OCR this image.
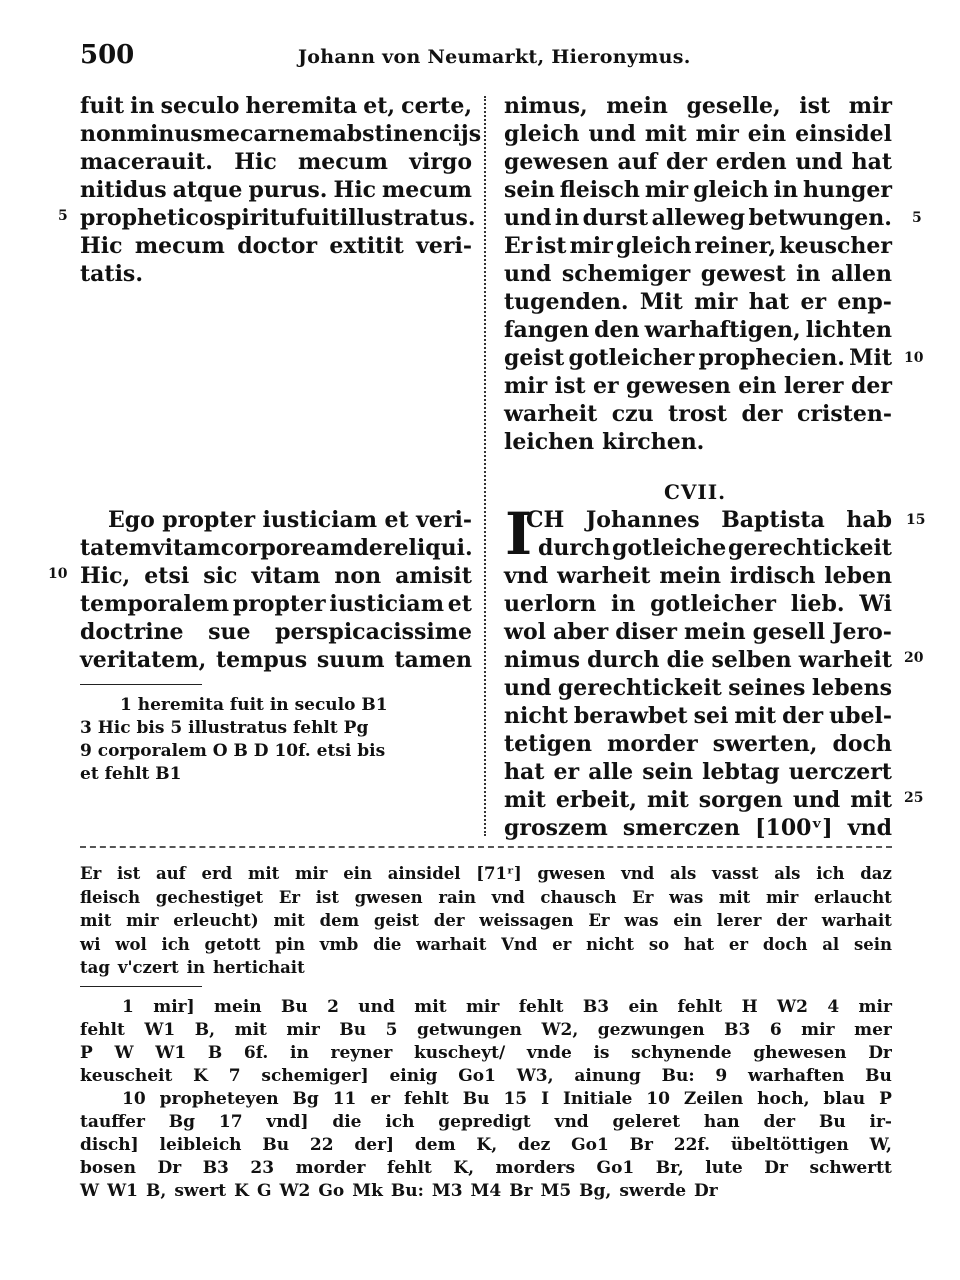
500	Johann von Neumarkt, Hieronymus.
fuit in seculo heremita et, certe,
non minus me carnem abstinencijs
macerauit. Hic mecum virgo
nitidus atque purus. Hic mecum
prophetico spiritu fuit illustratus.
Hic mecum doctor extitit veri-
tatis.
5
nimus, mein geselle, ist mir
gleich und mit mir ein einsidel
gewesen auf der erden und hat
sein fleisch mir gleich in hunger
und in durst alleweg betwungen.
Er ist mir gleich reiner, keuscher
und schemiger gewest in allen
tugenden. Mit mir hat er enp-
fangen den warhaftigen, lichten
geist gotleicher prophecien. Mit
mir ist er gewesen ein lerer der
warheit czu trost der cristen-
leichen kirchen.
5
10
CVII.
Ego propter iusticiam et veri-
tatem vitam corpoream dereliqui.
Hic, etsi sic vitam non amisit
temporalem propter iusticiam et
doctrine sue perspicacissime
veritatem, tempus suum tamen
10
I
CH Johannes Baptista hab
durch gotleiche gerechtickeit
vnd warheit mein irdisch leben
uerlorn in gotleicher lieb. Wi
wol aber diser mein gesell Jero-
nimus durch die selben warheit
und gerechtickeit seines lebens
nicht berawbet sei mit der ubel-
tetigen morder swerten, doch
hat er alle sein lebtag uerczert
mit erbeit, mit sorgen und mit
groszem smerczen [100ᵛ] vnd
15
20
25
1 heremita fuit in seculo B1
3 Hic bis 5 illustratus fehlt Pg
9 corporalem O B D 10f. etsi bis
et fehlt B1
Er ist auf erd mit mir ein ainsidel [71ʳ] gwesen vnd als vasst als ich daz
fleisch gechestiget Er ist gwesen rain vnd chausch Er was mit mir erlaucht
mit mir erleucht) mit dem geist der weissagen Er was ein lerer der warhait
wi wol ich getott pin vmb die warhait Vnd er nicht so hat er doch al sein
tag v'czert in hertichait
1 mir] mein Bu 2 und mit mir fehlt B3 ein fehlt H W2 4 mir
fehlt W1 B, mit mir Bu 5 getwungen W2, gezwungen B3 6 mir mer
P W W1 B 6f. in reyner kuscheyt/ vnde is schynende ghewesen Dr
keuscheit K 7 schemiger] einig Go1 W3, ainung Bu: 9 warhaften Bu
10 propheteyen Bg 11 er fehlt Bu 15 I Initiale 10 Zeilen hoch, blau P
tauffer Bg 17 vnd] die ich gepredigt vnd geleret han der Bu ir-
disch] leibleich Bu 22 der] dem K, dez Go1 Br 22f. übeltöttigen W,
bosen Dr B3 23 morder fehlt K, morders Go1 Br, lute Dr schwertt
W W1 B, swert K G W2 Go Mk Bu: M3 M4 Br M5 Bg, swerde Dr
